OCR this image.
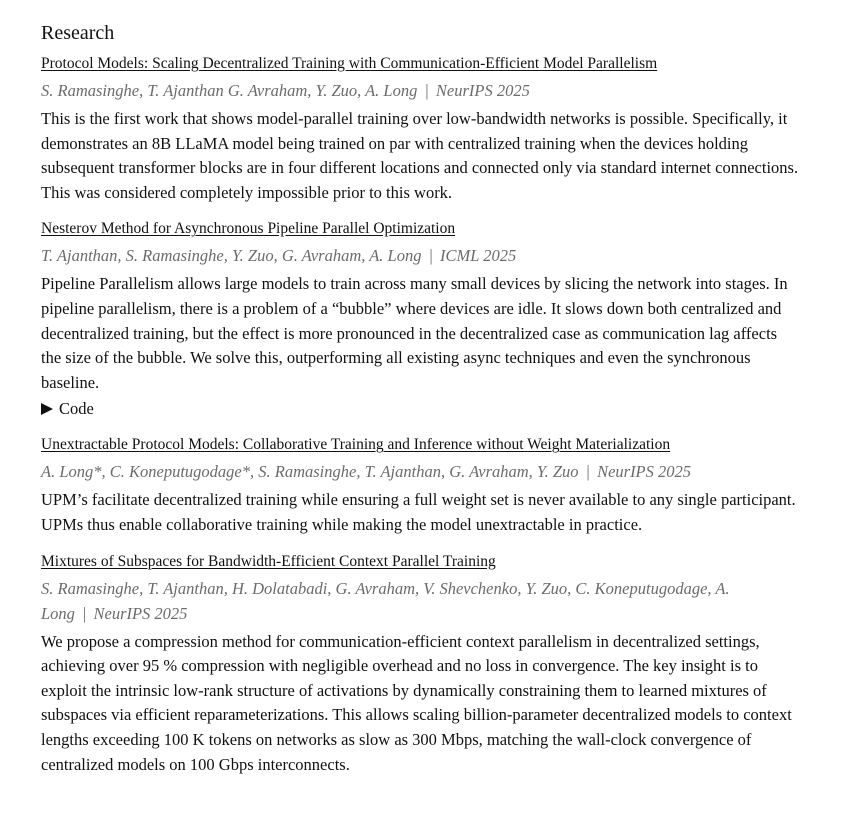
Research
Protocol Models: Scaling Decentralized Training with Communication-Efficient Model Parallelism
S. Ramasinghe, T. Ajanthan G. Avraham, Y. Zuo, A. Long | NeurIPS 2025
This is the first work that shows model-parallel training over low-bandwidth networks is possible. Specifically, it demonstrates an 8B LLaMA model being trained on par with centralized training when the devices holding subsequent transformer blocks are in four different locations and connected only via standard internet connections. This was considered completely impossible prior to this work.
Nesterov Method for Asynchronous Pipeline Parallel Optimization
T. Ajanthan, S. Ramasinghe, Y. Zuo, G. Avraham, A. Long | ICML 2025
Pipeline Parallelism allows large models to train across many small devices by slicing the network into stages. In pipeline parallelism, there is a problem of a “bubble” where devices are idle. It slows down both centralized and decentralized training, but the effect is more pronounced in the decentralized case as communication lag affects the size of the bubble. We solve this, outperforming all existing async techniques and even the synchronous baseline.
Code
Unextractable Protocol Models: Collaborative Training and Inference without Weight Materialization
A. Long*, C. Koneputugodage*, S. Ramasinghe, T. Ajanthan, G. Avraham, Y. Zuo | NeurIPS 2025
UPM’s facilitate decentralized training while ensuring a full weight set is never available to any single participant. UPMs thus enable collaborative training while making the model unextractable in practice.
Mixtures of Subspaces for Bandwidth-Efficient Context Parallel Training
S. Ramasinghe, T. Ajanthan, H. Dolatabadi, G. Avraham, V. Shevchenko, Y. Zuo, C. Koneputugodage, A. Long | NeurIPS 2025
We propose a compression method for communication-efficient context parallelism in decentralized settings, achieving over 95 % compression with negligible overhead and no loss in convergence. The key insight is to exploit the intrinsic low-rank structure of activations by dynamically constraining them to learned mixtures of subspaces via efficient reparameterizations. This allows scaling billion-parameter decentralized models to context lengths exceeding 100 K tokens on networks as slow as 300 Mbps, matching the wall-clock convergence of centralized models on 100 Gbps interconnects.
